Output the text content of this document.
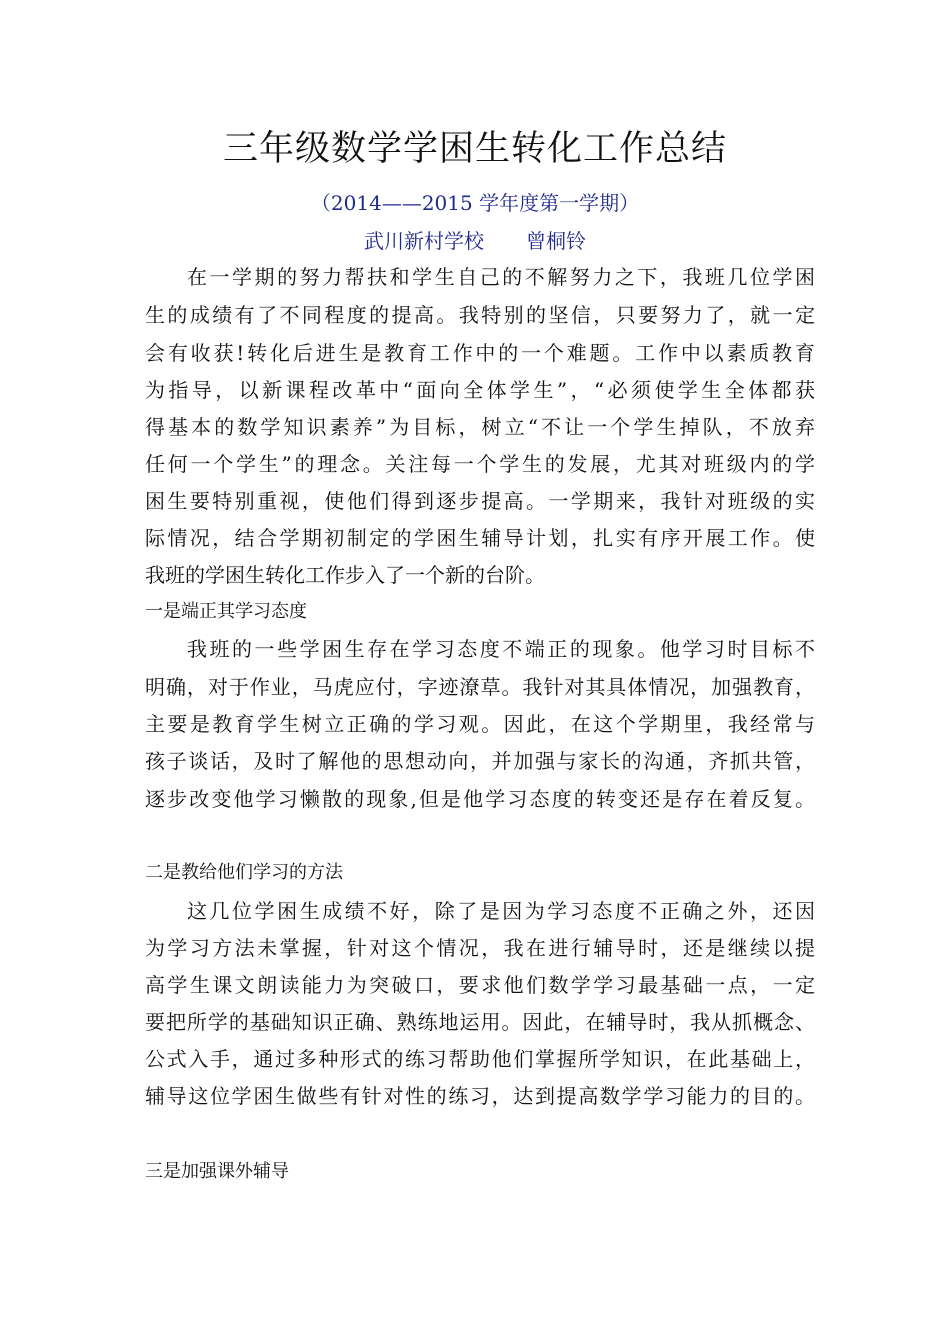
三年级数学学困生转化工作总结
（2014——2015 学年度第一学期）
武川新村学校 曾桐铃
在一学期的努力帮扶和学生自己的不解努力之下，我班几位学困
生的成绩有了不同程度的提高。我特别的坚信，只要努力了，就一定
会有收获!转化后进生是教育工作中的一个难题。工作中以素质教育
为指导，以新课程改革中“面向全体学生”，“必须使学生全体都获
得基本的数学知识素养”为目标，树立“不让一个学生掉队，不放弃
任何一个学生”的理念。关注每一个学生的发展，尤其对班级内的学
困生要特别重视，使他们得到逐步提高。一学期来，我针对班级的实
际情况，结合学期初制定的学困生辅导计划，扎实有序开展工作。使
我班的学困生转化工作步入了一个新的台阶。
一是端正其学习态度
我班的一些学困生存在学习态度不端正的现象。他学习时目标不
明确，对于作业，马虎应付，字迹潦草。我针对其具体情况，加强教育，
主要是教育学生树立正确的学习观。因此，在这个学期里，我经常与
孩子谈话，及时了解他的思想动向，并加强与家长的沟通，齐抓共管，
逐步改变他学习懒散的现象,但是他学习态度的转变还是存在着反复。
二是教给他们学习的方法
这几位学困生成绩不好，除了是因为学习态度不正确之外，还因
为学习方法未掌握，针对这个情况，我在进行辅导时，还是继续以提
高学生课文朗读能力为突破口，要求他们数学学习最基础一点，一定
要把所学的基础知识正确、熟练地运用。因此，在辅导时，我从抓概念、
公式入手，通过多种形式的练习帮助他们掌握所学知识，在此基础上，
辅导这位学困生做些有针对性的练习，达到提高数学学习能力的目的。
三是加强课外辅导
